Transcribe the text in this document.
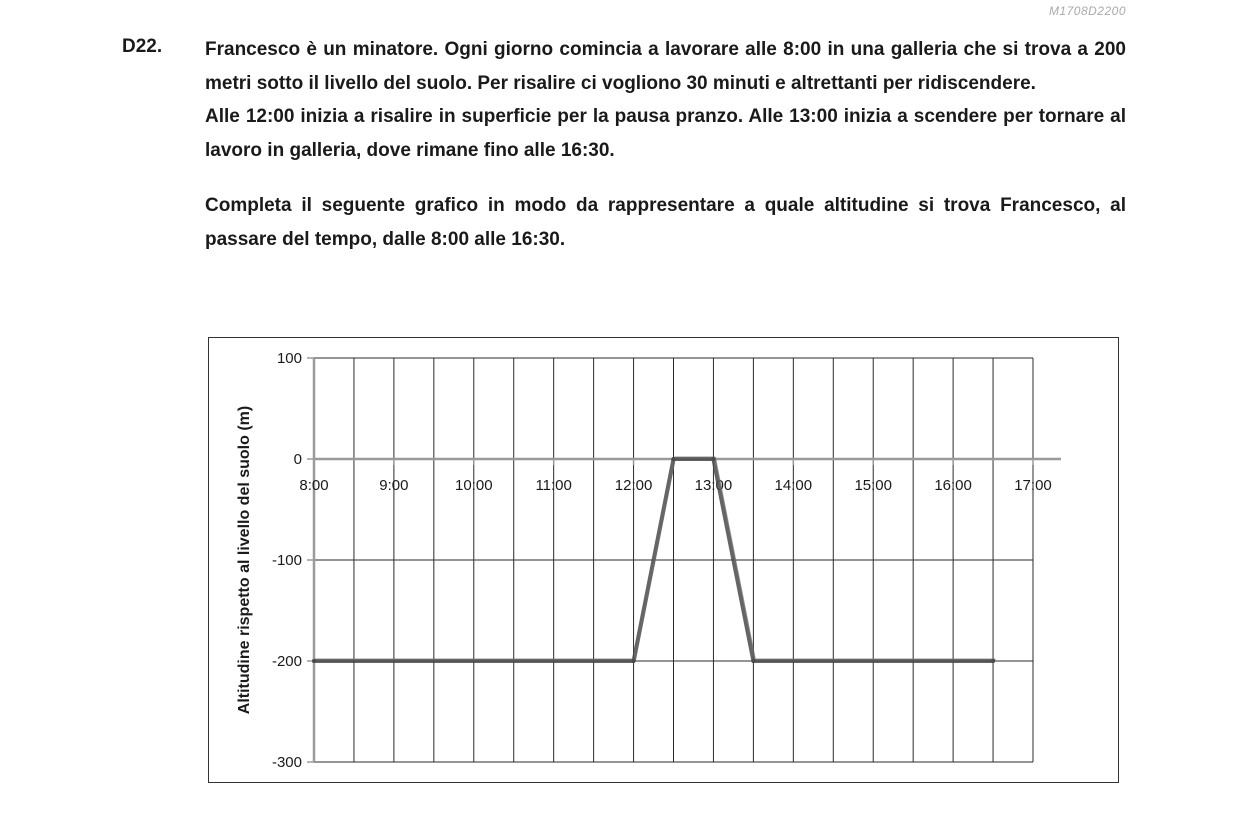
M1708D2200
D22. Francesco è un minatore. Ogni giorno comincia a lavorare alle 8:00 in una galleria che si trova a 200 metri sotto il livello del suolo. Per risalire ci vogliono 30 minuti e altrettanti per ridiscendere.

Alle 12:00 inizia a risalire in superficie per la pausa pranzo. Alle 13:00 inizia a scendere per tornare al lavoro in galleria, dove rimane fino alle 16:30.

Completa il seguente grafico in modo da rappresentare a quale altitudine si trova Francesco, al passare del tempo, dalle 8:00 alle 16:30.

100
0
-100
-200
-300
8:00	9:00	10:00	11:00	12:00	13:00	14:00	15:00	16:00	17:00
Altitudine rispetto al livello del suolo (m)
